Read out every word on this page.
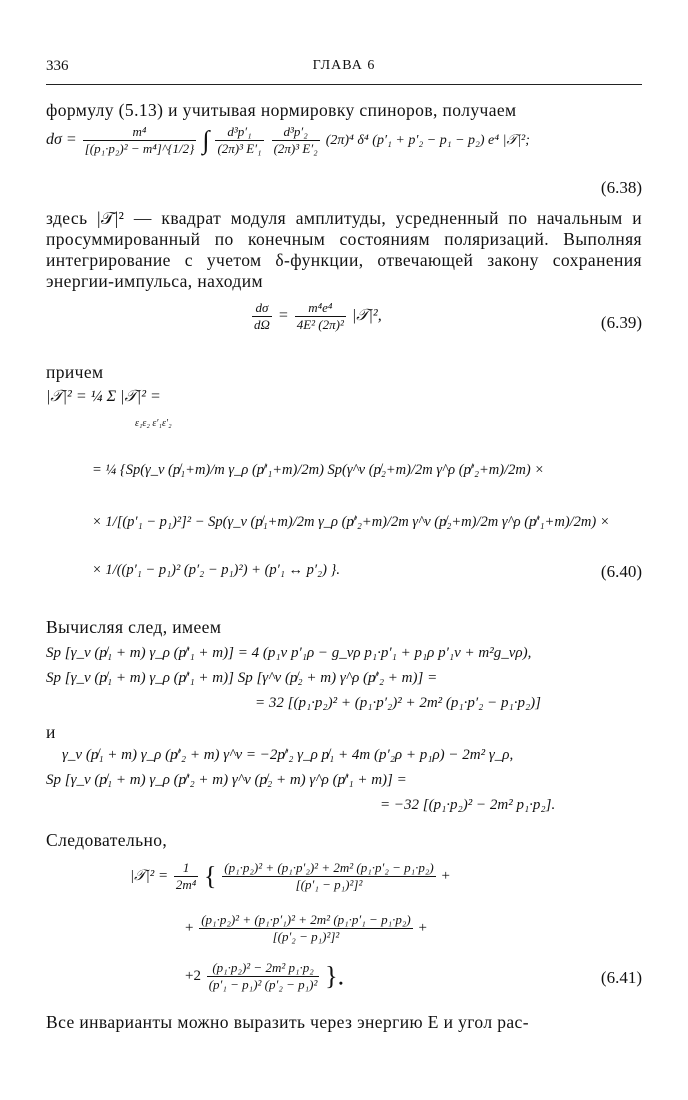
336	ГЛАВА 6
формулу (5.13) и учитывая нормировку спиноров, получаем
$d\sigma = \frac{\text{m⁴}}{\text{[(p₁·p₂)² − m⁴]\textasciicircum{}\{1/2\}}}$ ∫ $\frac{\text{d³p′₁}}{\text{(2π)³ E′₁}}$
$\frac{\text{d³p′₂}}{\text{(2π)³ E′₂}} (2\pi)^4$ δ⁴ (p′₁ + p′₂ − p₁ − p₂) e⁴ |𝒯|²;
(6.38)
здесь |𝒯|² — квадрат модуля амплитуды, усредненный по начальным и просуммированный по конечным состояниям поляризаций. Выполняя интегрирование с учетом δ-функции, отвечающей закону сохранения энергии-импульса, находим
$\frac{d\sigma}{d\Omega} = \frac{\text{m⁴e⁴}}{\text{4E² (2π)²}}$ |𝒯|²,	(6.39)
причем
|𝒯|² = ¼ Σ |𝒯|² =
ε₁ε₂ ε′₁ε′₂
= ¼ {Sp(γ_ν (p̸₁+m)/m γ_ρ (p̸′₁+m)/2m) Sp(γ^ν (p̸₂+m)/2m γ^ρ (p̸′₂+m)/2m) ×
× 1/[(p′₁ − p₁)²]² − Sp(γ_ν (p̸₁+m)/2m γ_ρ (p̸′₂+m)/2m γ^ν (p̸₂+m)/2m γ^ρ (p̸′₁+m)/2m) ×
× 1/((p′₁ − p₁)² (p′₂ − p₁)²) + (p′₁ ↔ p′₂) }.	(6.40)
Вычисляя след, имеем
Sp [γ_ν (p̸₁ + m) γ_ρ (p̸′₁ + m)] = 4 (p₁ν p′₁ρ − g_νρ p₁·p′₁ + p₁ρ p′₁ν + m²g_νρ),
Sp [γ_ν (p̸₁ + m) γ_ρ (p̸′₁ + m)] Sp [γ^ν (p̸₂ + m) γ^ρ (p̸′₂ + m)] =
= 32 [(p₁·p₂)² + (p₁·p′₂)² + 2m² (p₁·p′₂ − p₁·p₂)]
и
γ_ν (p̸₁ + m) γ_ρ (p̸′₂ + m) γ^ν = −2p̸′₂ γ_ρ p̸₁ + 4m (p′₂ρ + p₁ρ) − 2m² γ_ρ,
Sp [γ_ν (p̸₁ + m) γ_ρ (p̸′₂ + m) γ^ν (p̸₂ + m) γ^ρ (p̸′₁ + m)] =
= −32 [(p₁·p₂)² − 2m² p₁·p₂].
Следовательно,
|𝒯|² = $\frac{1}{\text{2m⁴}}$ { $\frac{\text{(p₁·p₂)² + (p₁·p′₂)² + 2m² (p₁·p′₂ − p₁·p₂)}}{\text{[(p′₁ − p₁)²]²}}$ +
+ $\frac{\text{(p₁·p₂)² + (p₁·p′₁)² + 2m² (p₁·p′₁ − p₁·p₂)}}{\text{[(p′₂ − p₁)²]²}}$ +
$+2 \frac{\text{(p₁·p₂)² − 2m² p₁·p₂}}{\text{(p′₁ − p₁)² (p′₂ − p₁)²}}$ }.	(6.41)
Все инварианты можно выразить через энергию E и угол рас-
